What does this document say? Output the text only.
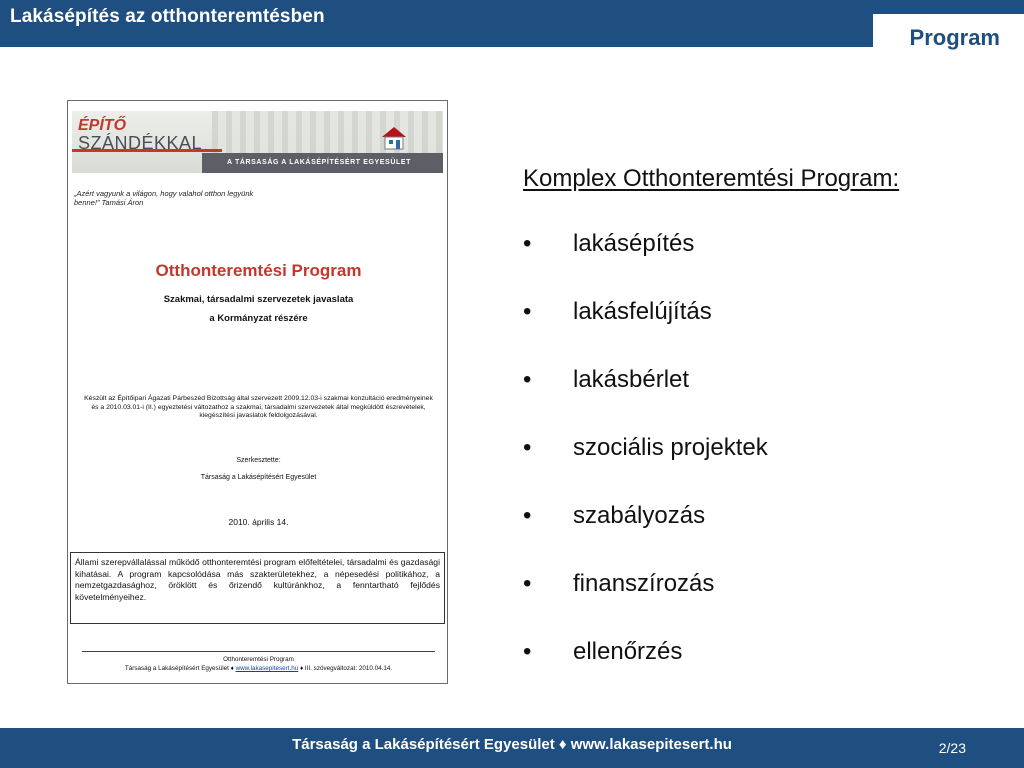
Lakásépítés az otthonteremtésben
Program
A TÁRSASÁG A LAKÁSÉPÍTÉSÉRT EGYESÜLET
ÉPÍTŐ
SZÁNDÉKKAL
„Azért vagyunk a világon, hogy valahol otthon legyünk benne!” Tamási Áron
Otthonteremtési Program
Szakmai, társadalmi szervezetek javaslata
a Kormányzat részére
Készült az Építőipari Ágazati Párbeszéd Bizottság által szervezett 2009.12.03-i szakmai konzultáció eredményeinek és a 2010.03.01-i (II.) egyeztetési változathoz a szakmai, társadalmi szervezetek által megküldött észrevételek, kiegészítési javaslatok feldolgozásával.
Szerkesztette:
Társaság a Lakásépítésért Egyesület
2010. április 14.
Állami szerepvállalással működő otthonteremtési program előfeltételei, társadalmi és gazdasági kihatásai. A program kapcsolódása más szakterületekhez, a népesedési politikához, a nemzetgazdasághoz, öröklött és őrizendő kultúránkhoz, a fenntartható fejlődés követelményeihez.
Otthonteremtési Program
Társaság a Lakásépítésért Egyesület ♦ www.lakasepitesert.hu ♦ III. szövegváltozat: 2010.04.14.
Komplex Otthonteremtési Program:
•	lakásépítés
•	lakásfelújítás
•	lakásbérlet
•	szociális projektek
•	szabályozás
•	finanszírozás
•	ellenőrzés
Társaság a Lakásépítésért Egyesület ♦ www.lakasepitesert.hu	2/23
